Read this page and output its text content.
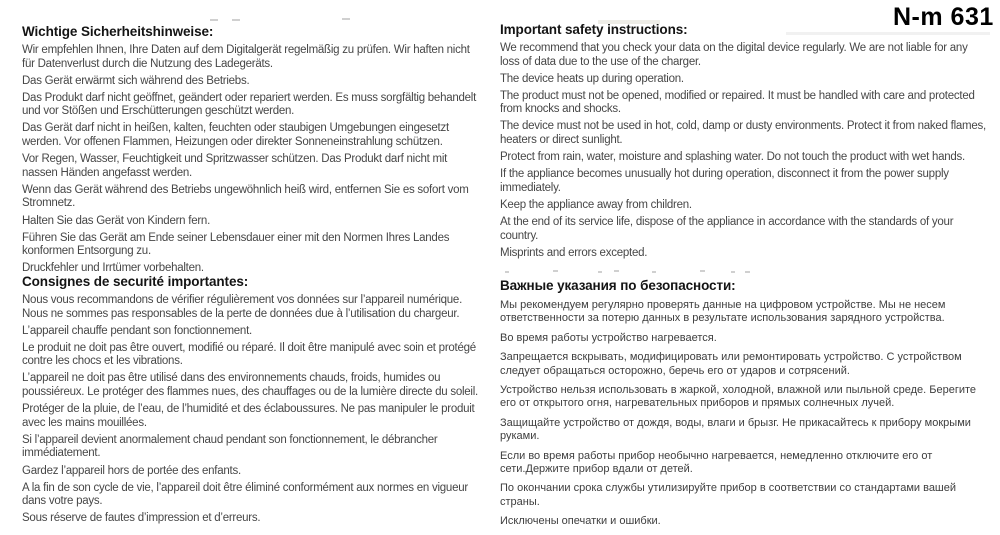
N-m 631
Wichtige Sicherheitshinweise:

Wir empfehlen Ihnen, Ihre Daten auf dem Digitalgerät regelmäßig zu prüfen. Wir haften nicht für Datenverlust durch die Nutzung des Ladegeräts.

Das Gerät erwärmt sich während des Betriebs.

Das Produkt darf nicht geöffnet, geändert oder repariert werden. Es muss sorgfältig behandelt und vor Stößen und Erschütterungen geschützt werden.

Das Gerät darf nicht in heißen, kalten, feuchten oder staubigen Umgebungen eingesetzt werden. Vor offenen Flammen, Heizungen oder direkter Sonneneinstrahlung schützen.

Vor Regen, Wasser, Feuchtigkeit und Spritzwasser schützen. Das Produkt darf nicht mit nassen Händen angefasst werden.

Wenn das Gerät während des Betriebs ungewöhnlich heiß wird, entfernen Sie es sofort vom Stromnetz.

Halten Sie das Gerät von Kindern fern.

Führen Sie das Gerät am Ende seiner Lebensdauer einer mit den Normen Ihres Landes konformen Entsorgung zu.

Druckfehler und Irrtümer vorbehalten.

Important safety instructions:

We recommend that you check your data on the digital device regularly. We are not liable for any loss of data due to the use of the charger.

The device heats up during operation.

The product must not be opened, modified or repaired. It must be handled with care and protected from knocks and shocks.

The device must not be used in hot, cold, damp or dusty environments. Protect it from naked flames, heaters or direct sunlight.

Protect from rain, water, moisture and splashing water. Do not touch the product with wet hands.

If the appliance becomes unusually hot during operation, disconnect it from the power supply immediately.

Keep the appliance away from children.

At the end of its service life, dispose of the appliance in accordance with the standards of your country.

Misprints and errors excepted.

Consignes de securité importantes:

Nous vous recommandons de vérifier régulièrement vos données sur l’appareil numérique. Nous ne sommes pas responsables de la perte de données due à l’utilisation du chargeur.

L’appareil chauffe pendant son fonctionnement.

Le produit ne doit pas être ouvert, modifié ou réparé. Il doit être manipulé avec soin et protégé contre les chocs et les vibrations.

L’appareil ne doit pas être utilisé dans des environnements chauds, froids, humides ou poussiéreux. Le protéger des flammes nues, des chauffages ou de la lumière directe du soleil.

Protéger de la pluie, de l’eau, de l’humidité et des éclaboussures. Ne pas manipuler le produit avec les mains mouillées.

Si l’appareil devient anormalement chaud pendant son fonctionnement, le débrancher immédiatement.

Gardez l’appareil hors de portée des enfants.

A la fin de son cycle de vie, l’appareil doit être éliminé conformément aux normes en vigueur dans votre pays.

Sous réserve de fautes d’impression et d’erreurs.

Важные указания по безопасности:

Мы рекомендуем регулярно проверять данные на цифровом устройстве. Мы не несем ответственности за потерю данных в результате использования зарядного устройства.

Во время работы устройство нагревается.

Запрещается вскрывать, модифицировать или ремонтировать устройство. С устройством следует обращаться осторожно, беречь его от ударов и сотрясений.

Устройство нельзя использовать в жаркой, холодной, влажной или пыльной среде. Берегите его от открытого огня, нагревательных приборов и прямых солнечных лучей.

Защищайте устройство от дождя, воды, влаги и брызг. Не прикасайтесь к прибору мокрыми руками.

Если во время работы прибор необычно нагревается, немедленно отключите его от сети.Держите прибор вдали от детей.

По окончании срока службы утилизируйте прибор в соответствии со стандартами вашей страны.

Исключены опечатки и ошибки.
